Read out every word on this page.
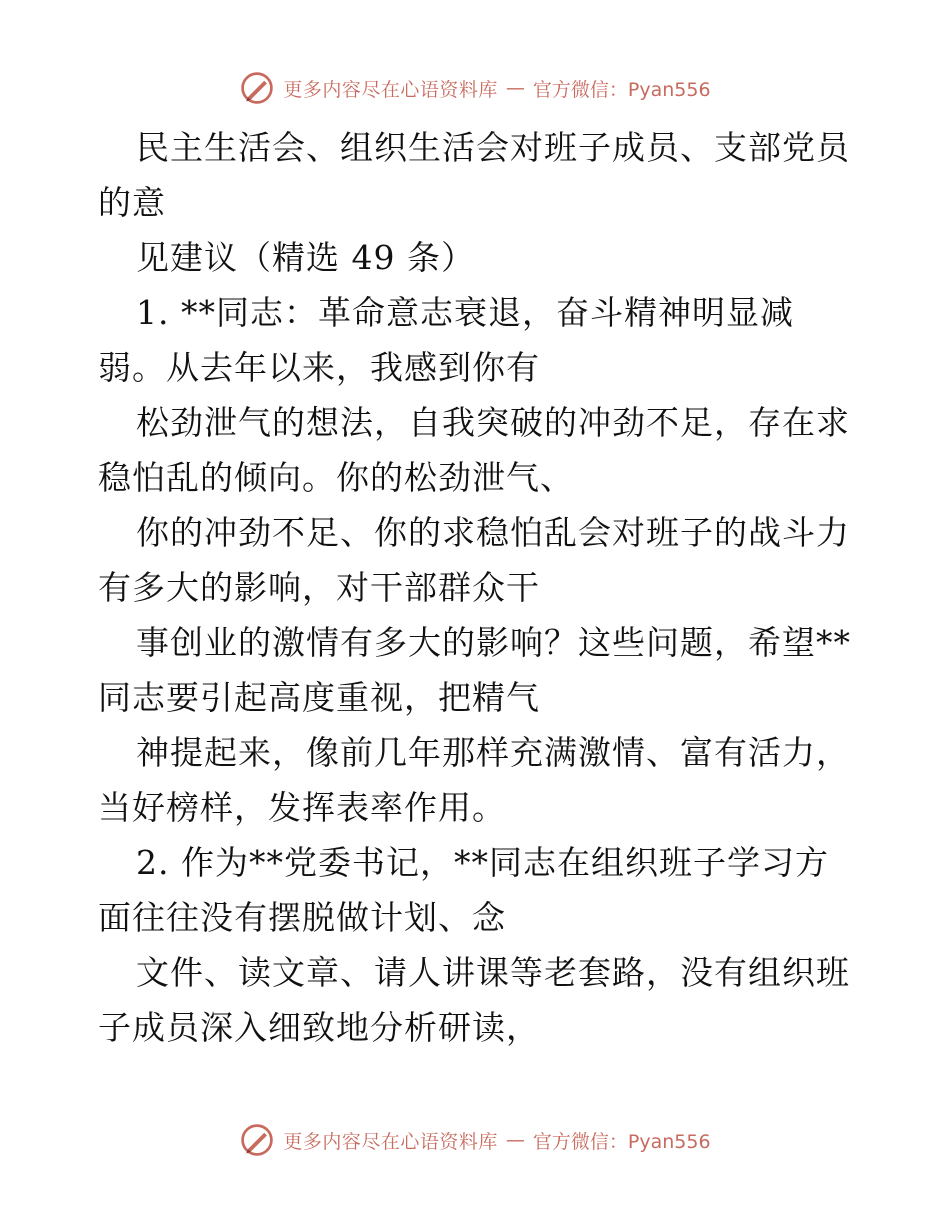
更多内容尽在心语资料库 — 官方微信：Pyan556
民主生活会、组织生活会对班子成员、支部党员
的意
见建议（精选 49 条）
1. **同志：革命意志衰退，奋斗精神明显减
弱。从去年以来，我感到你有
松劲泄气的想法，自我突破的冲劲不足，存在求
稳怕乱的倾向。你的松劲泄气、
你的冲劲不足、你的求稳怕乱会对班子的战斗力
有多大的影响，对干部群众干
事创业的激情有多大的影响？这些问题，希望**
同志要引起高度重视，把精气
神提起来，像前几年那样充满激情、富有活力，
当好榜样，发挥表率作用。
2. 作为**党委书记，**同志在组织班子学习方
面往往没有摆脱做计划、念
文件、读文章、请人讲课等老套路，没有组织班
子成员深入细致地分析研读，
更多内容尽在心语资料库 — 官方微信：Pyan556
